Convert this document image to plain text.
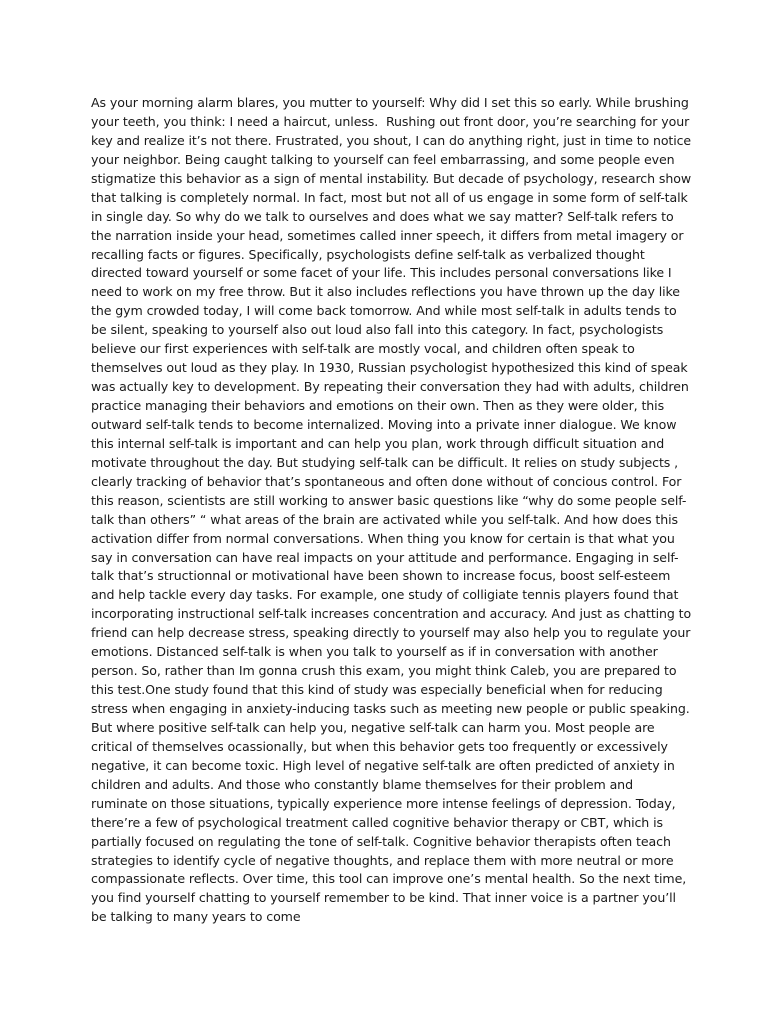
As your morning alarm blares, you mutter to yourself: Why did I set this so early. While brushing
your teeth, you think: I need a haircut, unless.  Rushing out front door, you’re searching for your
key and realize it’s not there. Frustrated, you shout, I can do anything right, just in time to notice
your neighbor. Being caught talking to yourself can feel embarrassing, and some people even
stigmatize this behavior as a sign of mental instability. But decade of psychology, research show
that talking is completely normal. In fact, most but not all of us engage in some form of self-talk
in single day. So why do we talk to ourselves and does what we say matter? Self-talk refers to
the narration inside your head, sometimes called inner speech, it differs from metal imagery or
recalling facts or figures. Specifically, psychologists define self-talk as verbalized thought
directed toward yourself or some facet of your life. This includes personal conversations like I
need to work on my free throw. But it also includes reflections you have thrown up the day like
the gym crowded today, I will come back tomorrow. And while most self-talk in adults tends to
be silent, speaking to yourself also out loud also fall into this category. In fact, psychologists
believe our first experiences with self-talk are mostly vocal, and children often speak to
themselves out loud as they play. In 1930, Russian psychologist hypothesized this kind of speak
was actually key to development. By repeating their conversation they had with adults, children
practice managing their behaviors and emotions on their own. Then as they were older, this
outward self-talk tends to become internalized. Moving into a private inner dialogue. We know
this internal self-talk is important and can help you plan, work through difficult situation and
motivate throughout the day. But studying self-talk can be difficult. It relies on study subjects ,
clearly tracking of behavior that’s spontaneous and often done without of concious control. For
this reason, scientists are still working to answer basic questions like “why do some people self-
talk than others” “ what areas of the brain are activated while you self-talk. And how does this
activation differ from normal conversations. When thing you know for certain is that what you
say in conversation can have real impacts on your attitude and performance. Engaging in self-
talk that’s structionnal or motivational have been shown to increase focus, boost self-esteem
and help tackle every day tasks. For example, one study of colligiate tennis players found that
incorporating instructional self-talk increases concentration and accuracy. And just as chatting to
friend can help decrease stress, speaking directly to yourself may also help you to regulate your
emotions. Distanced self-talk is when you talk to yourself as if in conversation with another
person. So, rather than Im gonna crush this exam, you might think Caleb, you are prepared to
this test.One study found that this kind of study was especially beneficial when for reducing
stress when engaging in anxiety-inducing tasks such as meeting new people or public speaking.
But where positive self-talk can help you, negative self-talk can harm you. Most people are
critical of themselves ocassionally, but when this behavior gets too frequently or excessively
negative, it can become toxic. High level of negative self-talk are often predicted of anxiety in
children and adults. And those who constantly blame themselves for their problem and
ruminate on those situations, typically experience more intense feelings of depression. Today,
there’re a few of psychological treatment called cognitive behavior therapy or CBT, which is
partially focused on regulating the tone of self-talk. Cognitive behavior therapists often teach
strategies to identify cycle of negative thoughts, and replace them with more neutral or more
compassionate reflects. Over time, this tool can improve one’s mental health. So the next time,
you find yourself chatting to yourself remember to be kind. That inner voice is a partner you’ll
be talking to many years to come
